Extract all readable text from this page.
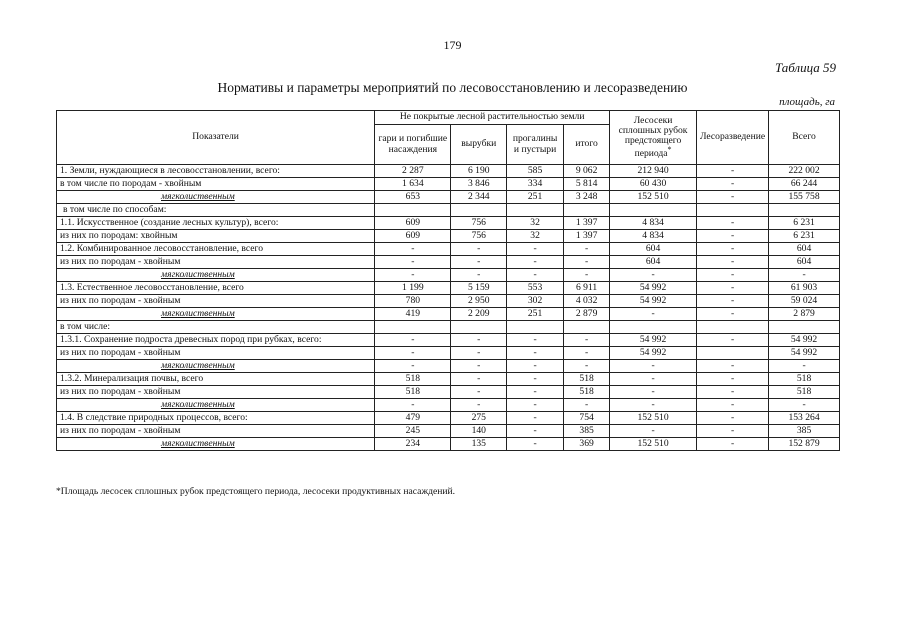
179
Таблица 59
Нормативы и параметры мероприятий по лесовосстановлению и лесоразведению
площадь, га
Показатели	Не покрытые лесной растительностью земли				Лесосеки сплошных рубок предстоящего периода*	Лесоразведение	Всего
	гари и погибшие насаждения	вырубки	прогалины и пустыри	итого			
1. Земли, нуждающиеся в лесовосстановлении, всего:	2 287	6 190	585	9 062	212 940	-	222 002
в том числе по породам - хвойным	1 634	3 846	334	5 814	60 430	-	66 244
мягколиственным	653	2 344	251	3 248	152 510	-	155 758
в том числе по способам:							
1.1. Искусственное (создание лесных культур), всего:	609	756	32	1 397	4 834	-	6 231
из них по породам: хвойным	609	756	32	1 397	4 834	-	6 231
1.2. Комбинированное лесовосстановление, всего	-	-	-	-	604	-	604
из них по породам - хвойным	-	-	-	-	604	-	604
мягколиственным	-	-	-	-	-	-	-
1.3. Естественное лесовосстановление, всего	1 199	5 159	553	6 911	54 992	-	61 903
из них по породам - хвойным	780	2 950	302	4 032	54 992	-	59 024
мягколиственным	419	2 209	251	2 879	-	-	2 879
в том числе:							
1.3.1. Сохранение подроста древесных пород при рубках, всего:	-	-	-	-	54 992	-	54 992
из них по породам - хвойным	-	-	-	-	54 992		54 992
мягколиственным	-	-	-	-	-	-	-
1.3.2. Минерализация почвы, всего	518	-	-	518	-	-	518
из них по породам - хвойным	518	-	-	518	-	-	518
мягколиственным	-	-	-	-	-	-	-
1.4. В следствие природных процессов, всего:	479	275	-	754	152 510	-	153 264
из них по породам - хвойным	245	140	-	385	-	-	385
мягколиственным	234	135	-	369	152 510	-	152 879
*Площадь лесосек сплошных рубок предстоящего периода, лесосеки продуктивных насаждений.
